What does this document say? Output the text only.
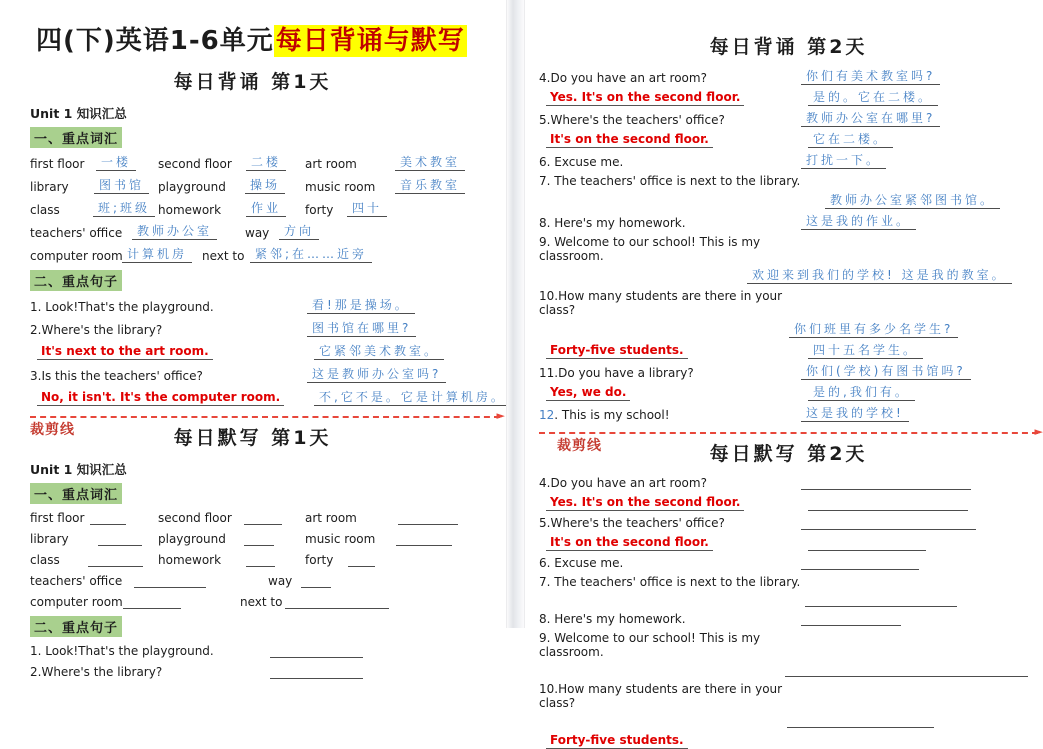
四(下)英语1-6单元每日背诵与默写
每日背诵 第1天
Unit 1 知识汇总
一、重点词汇
first floor	一楼	second floor	二楼	art room	美术教室
library	图书馆	playground	操场	music room	音乐教室
class	班;班级 homework	作业	forty	四十
teachers' office	教师办公室	way	方向
computer room 计算机房	next to 紧邻;在……近旁
二、重点句子
1. Look!That's the playground.	看!那是操场。
2.Where's the library?	图书馆在哪里?
It's next to the art room.	它紧邻美术教室。
3.Is this the teachers' office?	这是教师办公室吗?
No, it isn't. It's the computer room.	不,它不是。它是计算机房。
►
裁剪线	每日默写 第1天
Unit 1 知识汇总
一、重点词汇
first floor	second floor	art room
library	playground	music room
class	homework	forty
teachers' office	way
computer room	next to
二、重点句子
1. Look!That's the playground.
2.Where's the library?
每日背诵 第2天
4.Do you have an art room?	你们有美术教室吗?
Yes. It's on the second floor.	是的。它在二楼。
5.Where's the teachers' office?	教师办公室在哪里?
It's on the second floor.	它在二楼。
6. Excuse me.	打扰一下。
7. The teachers' office is next to the library.
教师办公室紧邻图书馆。
8. Here's my homework.	这是我的作业。
9. Welcome to our school! This is my classroom.
欢迎来到我们的学校! 这是我的教室。
10.How many students are there in your class?
你们班里有多少名学生?
Forty-five students.	四十五名学生。
11.Do you have a library?	你们(学校)有图书馆吗?
Yes, we do.	是的,我们有。
12. This is my school!	这是我的学校!
►
裁剪线	每日默写 第2天
4.Do you have an art room?
Yes. It's on the second floor.
5.Where's the teachers' office?
It's on the second floor.
6. Excuse me.
7. The teachers' office is next to the library.
8. Here's my homework.
9. Welcome to our school! This is my classroom.
10.How many students are there in your class?
Forty-five students.
